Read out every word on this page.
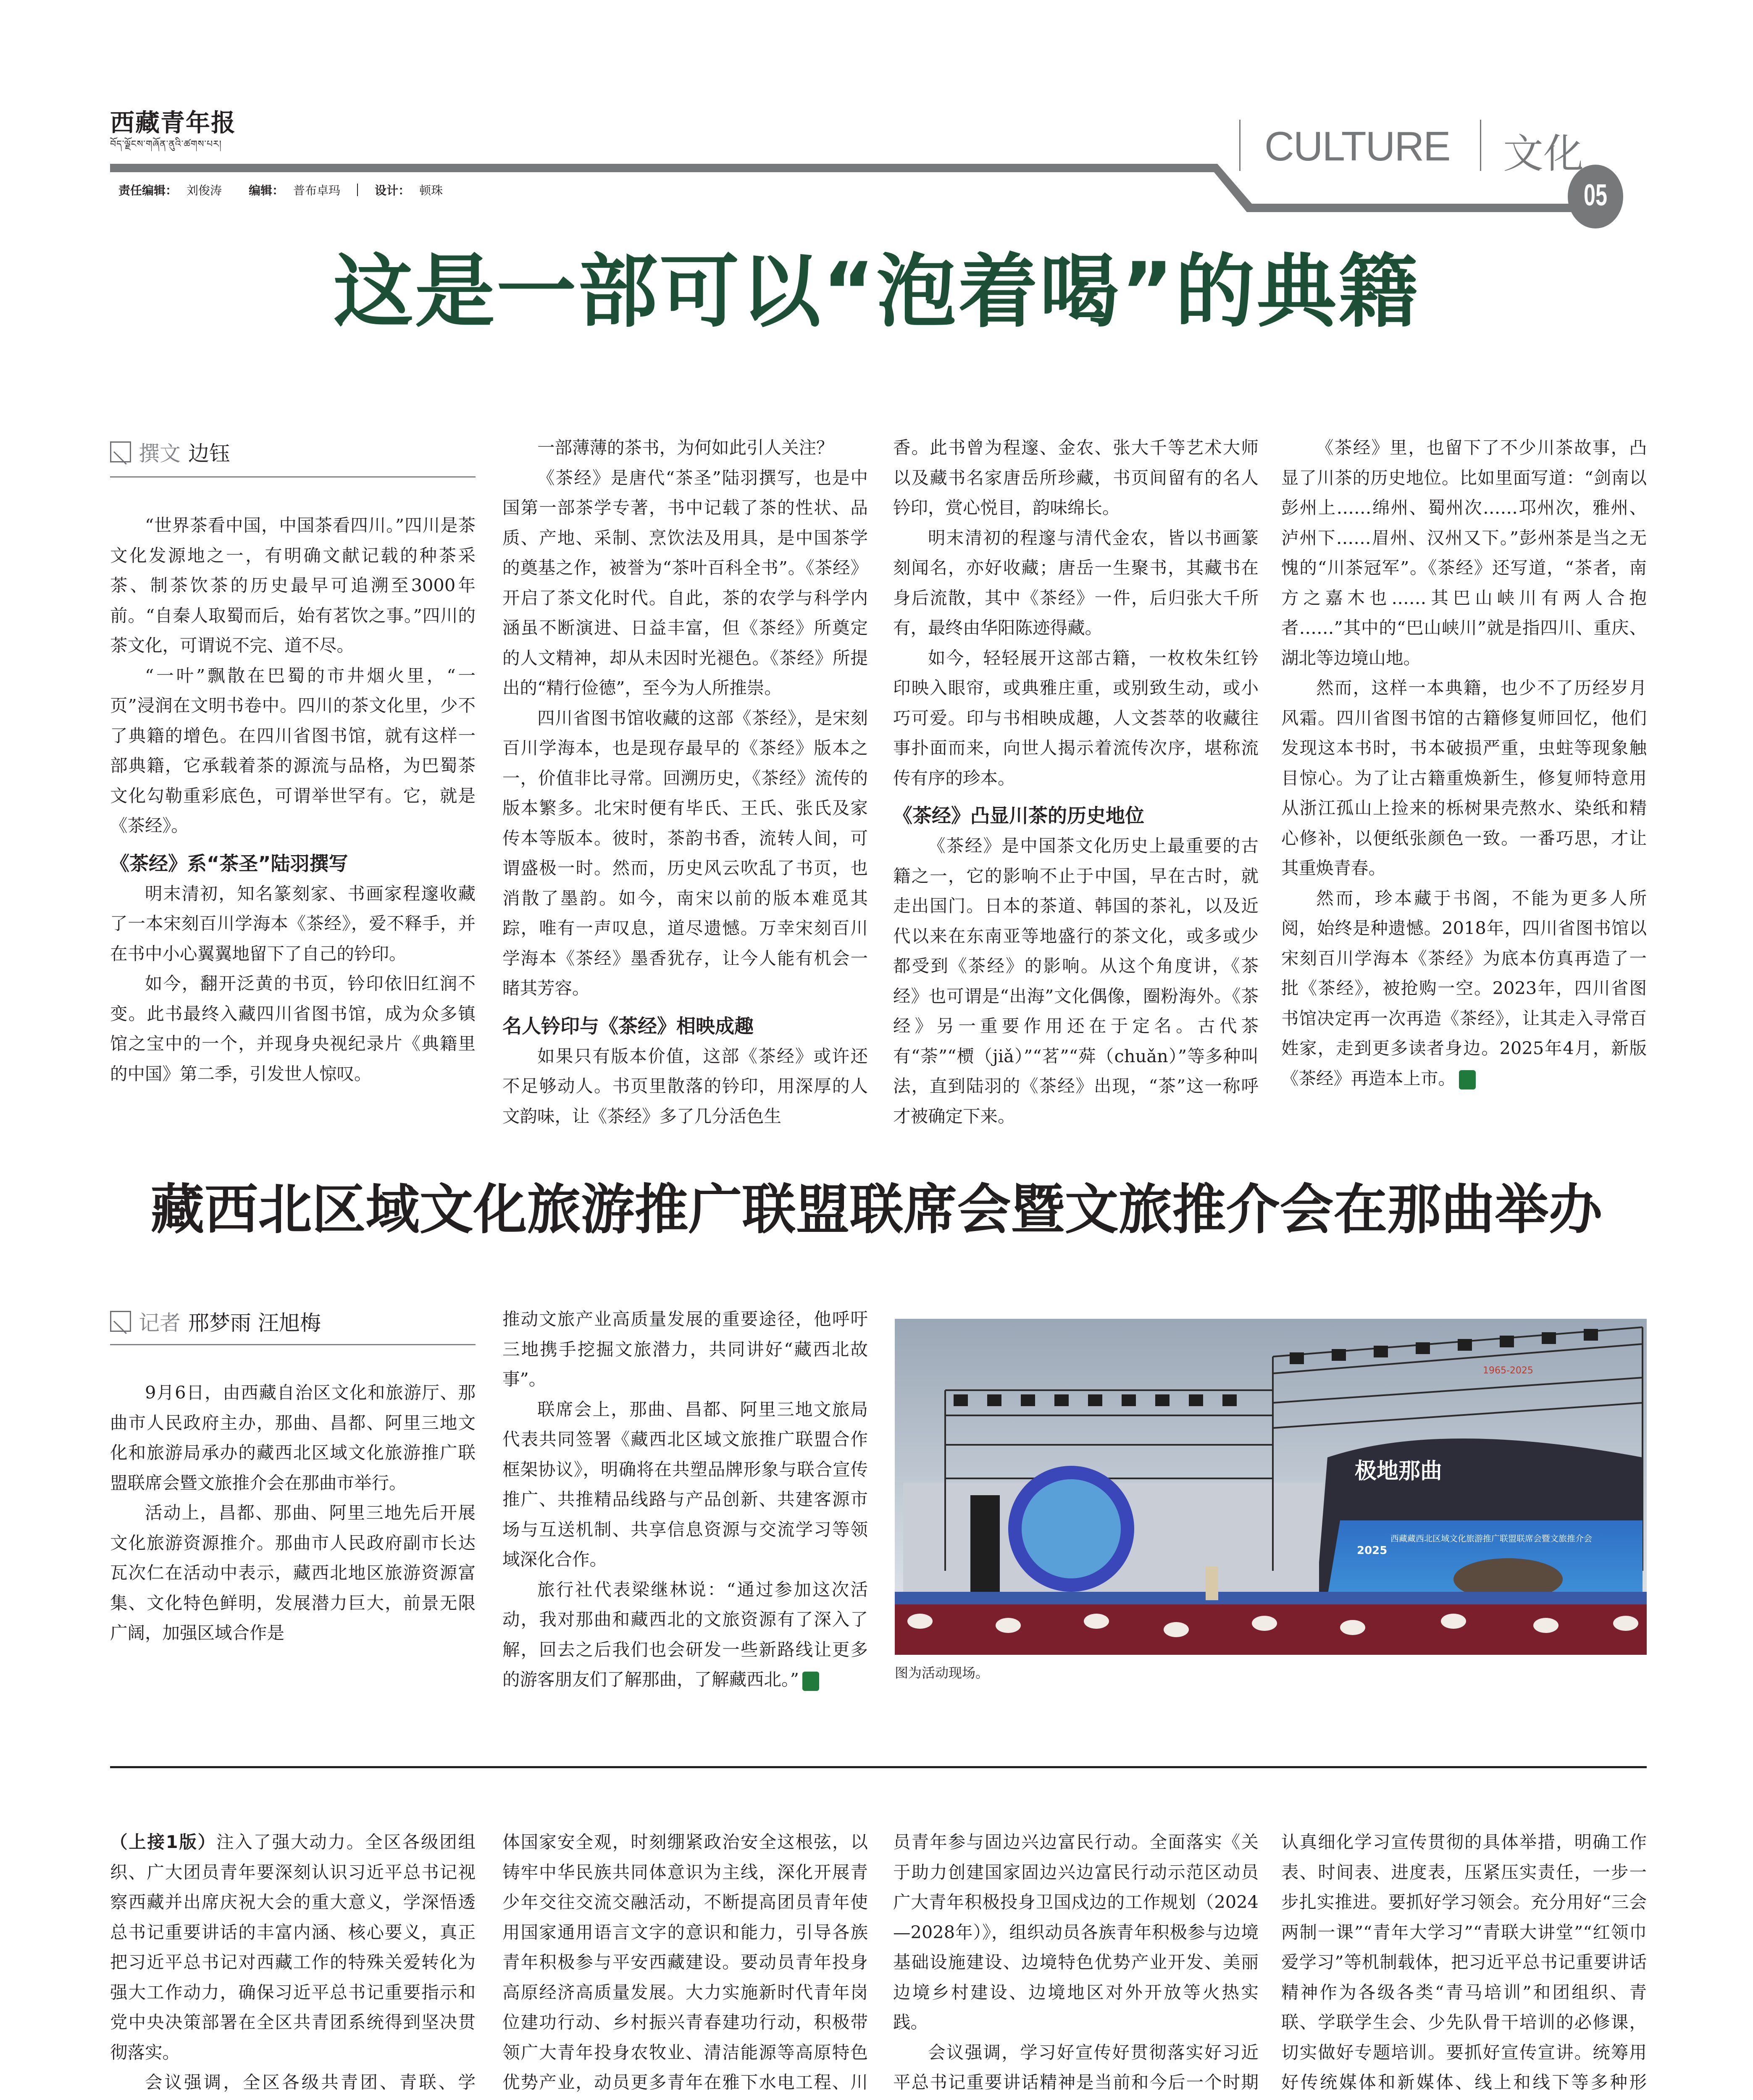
西藏青年报
བོད་ལྗོངས་གཞོན་ནུའི་ཚགས་པར།	CULTURE 文化
05
责任编辑： 刘俊涛 编辑： 普布卓玛	设计： 顿珠
这是一部可以“泡着喝”的典籍
撰文 边钰

“世界茶看中国，中国茶看四川。”四川是茶文化发源地之一，有明确文献记载的种茶采茶、制茶饮茶的历史最早可追溯至3000年前。“自秦人取蜀而后，始有茗饮之事。”四川的茶文化，可谓说不完、道不尽。

“一叶”飘散在巴蜀的市井烟火里，“一页”浸润在文明书卷中。四川的茶文化里，少不了典籍的增色。在四川省图书馆，就有这样一部典籍，它承载着茶的源流与品格，为巴蜀茶文化勾勒重彩底色，可谓举世罕有。它，就是《茶经》。

《茶经》系“茶圣”陆羽撰写

明末清初，知名篆刻家、书画家程邃收藏了一本宋刻百川学海本《茶经》，爱不释手，并在书中小心翼翼地留下了自己的钤印。

如今，翻开泛黄的书页，钤印依旧红润不变。此书最终入藏四川省图书馆，成为众多镇馆之宝中的一个，并现身央视纪录片《典籍里的中国》第二季，引发世人惊叹。

一部薄薄的茶书，为何如此引人关注？

《茶经》是唐代“茶圣”陆羽撰写，也是中国第一部茶学专著，书中记载了茶的性状、品质、产地、采制、烹饮法及用具，是中国茶学的奠基之作，被誉为“茶叶百科全书”。《茶经》开启了茶文化时代。自此，茶的农学与科学内涵虽不断演进、日益丰富，但《茶经》所奠定的人文精神，却从未因时光褪色。《茶经》所提出的“精行俭德”，至今为人所推崇。

四川省图书馆收藏的这部《茶经》，是宋刻百川学海本，也是现存最早的《茶经》版本之一，价值非比寻常。回溯历史，《茶经》流传的版本繁多。北宋时便有毕氏、王氏、张氏及家传本等版本。彼时，茶韵书香，流转人间，可谓盛极一时。然而，历史风云吹乱了书页，也消散了墨韵。如今，南宋以前的版本难觅其踪，唯有一声叹息，道尽遗憾。万幸宋刻百川学海本《茶经》墨香犹存，让今人能有机会一睹其芳容。

名人钤印与《茶经》相映成趣

如果只有版本价值，这部《茶经》或许还不足够动人。书页里散落的钤印，用深厚的人文韵味，让《茶经》多了几分活色生

香。此书曾为程邃、金农、张大千等艺术大师以及藏书名家唐岳所珍藏，书页间留有的名人钤印，赏心悦目，韵味绵长。

明末清初的程邃与清代金农，皆以书画篆刻闻名，亦好收藏；唐岳一生聚书，其藏书在身后流散，其中《茶经》一件，后归张大千所有，最终由华阳陈迹得藏。

如今，轻轻展开这部古籍，一枚枚朱红钤印映入眼帘，或典雅庄重，或别致生动，或小巧可爱。印与书相映成趣，人文荟萃的收藏往事扑面而来，向世人揭示着流传次序，堪称流传有序的珍本。

《茶经》凸显川茶的历史地位

《茶经》是中国茶文化历史上最重要的古籍之一，它的影响不止于中国，早在古时，就走出国门。日本的茶道、韩国的茶礼，以及近代以来在东南亚等地盛行的茶文化，或多或少都受到《茶经》的影响。从这个角度讲，《茶经》也可谓是“出海”文化偶像，圈粉海外。《茶经》另一重要作用还在于定名。古代茶有“荼”“槚（jiǎ）”“茗”“荈（chuǎn）”等多种叫法，直到陆羽的《茶经》出现，“茶”这一称呼才被确定下来。

《茶经》里，也留下了不少川茶故事，凸显了川茶的历史地位。比如里面写道：“剑南以彭州上……绵州、蜀州次……邛州次，雅州、泸州下……眉州、汉州又下。”彭州茶是当之无愧的“川茶冠军”。《茶经》还写道，“茶者，南方之嘉木也……其巴山峡川有两人合抱者……”其中的“巴山峡川”就是指四川、重庆、湖北等边境山地。

然而，这样一本典籍，也少不了历经岁月风霜。四川省图书馆的古籍修复师回忆，他们发现这本书时，书本破损严重，虫蛀等现象触目惊心。为了让古籍重焕新生，修复师特意用从浙江孤山上捡来的栎树果壳熬水、染纸和精心修补，以便纸张颜色一致。一番巧思，才让其重焕青春。

然而，珍本藏于书阁，不能为更多人所阅，始终是种遗憾。2018年，四川省图书馆以宋刻百川学海本《茶经》为底本仿真再造了一批《茶经》，被抢购一空。2023年，四川省图书馆决定再一次再造《茶经》，让其走入寻常百姓家，走到更多读者身边。2025年4月，新版《茶经》再造本上市。	青

藏西北区域文化旅游推广联盟联席会暨文旅推介会在那曲举办
记者 邢梦雨 汪旭梅

9月6日，由西藏自治区文化和旅游厅、那曲市人民政府主办，那曲、昌都、阿里三地文化和旅游局承办的藏西北区域文化旅游推广联盟联席会暨文旅推介会在那曲市举行。

活动上，昌都、那曲、阿里三地先后开展文化旅游资源推介。那曲市人民政府副市长达瓦次仁在活动中表示，藏西北地区旅游资源富集、文化特色鲜明，发展潜力巨大，前景无限广阔，加强区域合作是

推动文旅产业高质量发展的重要途径，他呼吁三地携手挖掘文旅潜力，共同讲好“藏西北故事”。

联席会上，那曲、昌都、阿里三地文旅局代表共同签署《藏西北区域文旅推广联盟合作框架协议》，明确将在共塑品牌形象与联合宣传推广、共推精品线路与产品创新、共建客源市场与互送机制、共享信息资源与交流学习等领域深化合作。

旅行社代表梁继林说：“通过参加这次活动，我对那曲和藏西北的文旅资源有了深入了解，回去之后我们也会研发一些新路线让更多的游客朋友们了解那曲，了解藏西北。”	青

极地那曲
1965-2025
2025
西藏藏西北区域文化旅游推广联盟联席会暨文旅推介会
图为活动现场。

（上接1版）注入了强大动力。全区各级团组织、广大团员青年要深刻认识习近平总书记视察西藏并出席庆祝大会的重大意义，学深悟透总书记重要讲话的丰富内涵、核心要义，真正把习近平总书记对西藏工作的特殊关爱转化为强大工作动力，确保习近平总书记重要指示和党中央决策部署在全区共青团系统得到坚决贯彻落实。

会议强调，全区各级共青团、青联、学

体国家安全观，时刻绷紧政治安全这根弦，以铸牢中华民族共同体意识为主线，深化开展青少年交往交流交融活动，不断提高团员青年使用国家通用语言文字的意识和能力，引导各族青年积极参与平安西藏建设。要动员青年投身高原经济高质量发展。大力实施新时代青年岗位建功行动、乡村振兴青春建功行动，积极带领广大青年投身农牧业、清洁能源等高原特色优势产业，动员更多青年在雅下水电工程、川

员青年参与固边兴边富民行动。全面落实《关于助力创建国家固边兴边富民行动示范区动员广大青年积极投身卫国戍边的工作规划（2024—2028年）》，组织动员各族青年积极参与边境基础设施建设、边境特色优势产业开发、美丽边境乡村建设、边境地区对外开放等火热实践。

会议强调，学习好宣传好贯彻落实好习近平总书记重要讲话精神是当前和今后一个时期

认真细化学习宣传贯彻的具体举措，明确工作表、时间表、进度表，压紧压实责任，一步一步扎实推进。要抓好学习领会。充分用好“三会两制一课”“青年大学习”“青联大讲堂”“红领巾爱学习”等机制载体，把习近平总书记重要讲话精神作为各级各类“青马培训”和团组织、青联、学联学生会、少先队骨干培训的必修课，切实做好专题培训。要抓好宣传宣讲。统筹用好传统媒体和新媒体、线上和线下等多种形
